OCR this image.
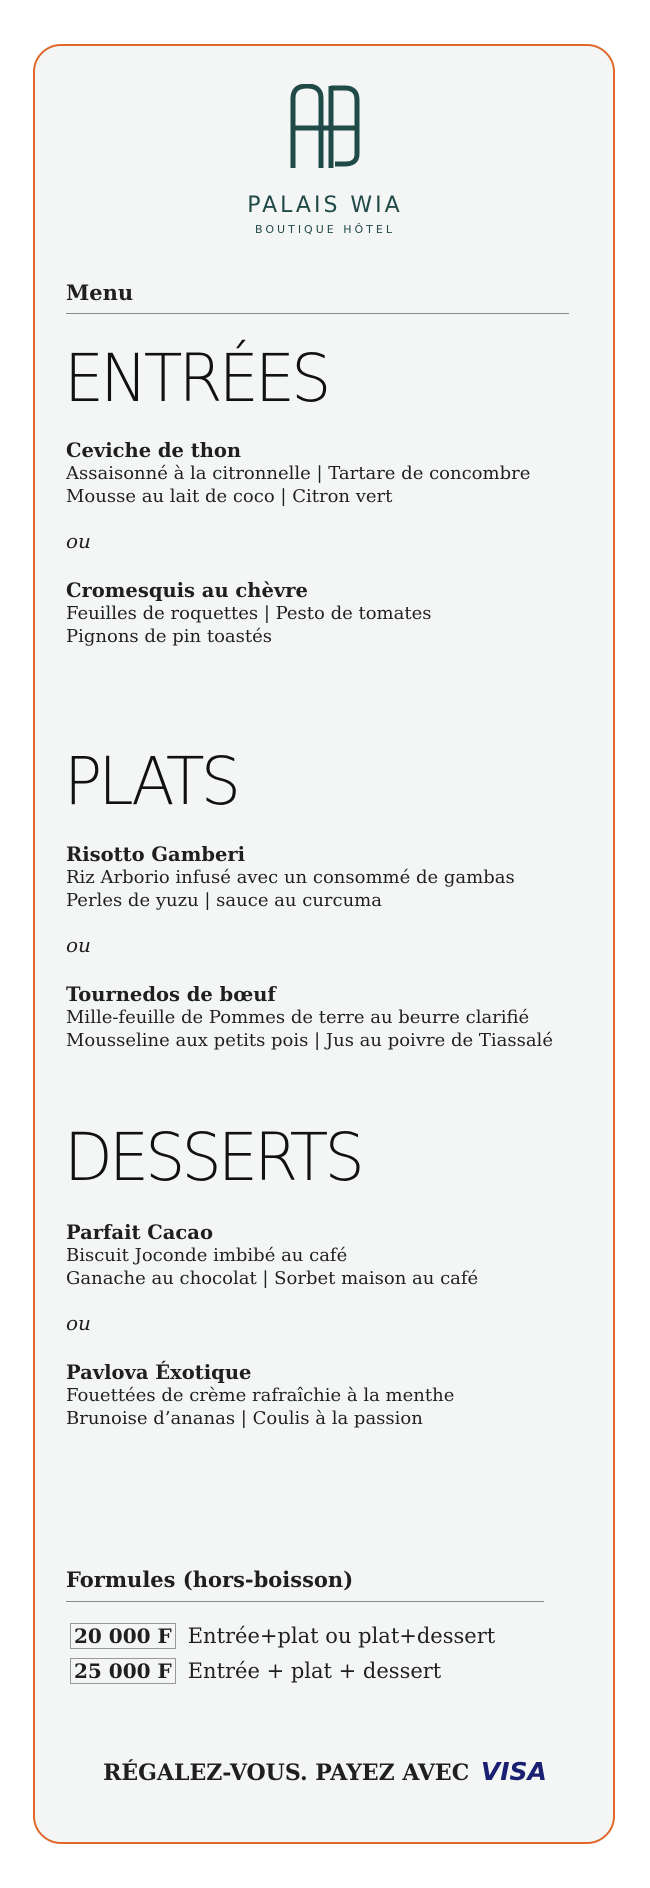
PALAIS WIA
BOUTIQUE HÔTEL
Menu
ENTRÉES
Ceviche de thon
Assaisonné à la citronnelle | Tartare de concombre
Mousse au lait de coco | Citron vert
ou
Cromesquis au chèvre
Feuilles de roquettes | Pesto de tomates
Pignons de pin toastés
PLATS
Risotto Gamberi
Riz Arborio infusé avec un consommé de gambas
Perles de yuzu | sauce au curcuma
ou
Tournedos de bœuf
Mille-feuille de Pommes de terre au beurre clarifié
Mousseline aux petits pois | Jus au poivre de Tiassalé
DESSERTS
Parfait Cacao
Biscuit Joconde imbibé au café
Ganache au chocolat | Sorbet maison au café
ou
Pavlova Éxotique
Fouettées de crème rafraîchie à la menthe
Brunoise d’ananas | Coulis à la passion
Formules (hors-boisson)
20 000 F Entrée+plat ou plat+dessert
25 000 F Entrée + plat + dessert
RÉGALEZ-VOUS. PAYEZ AVEC VISA
